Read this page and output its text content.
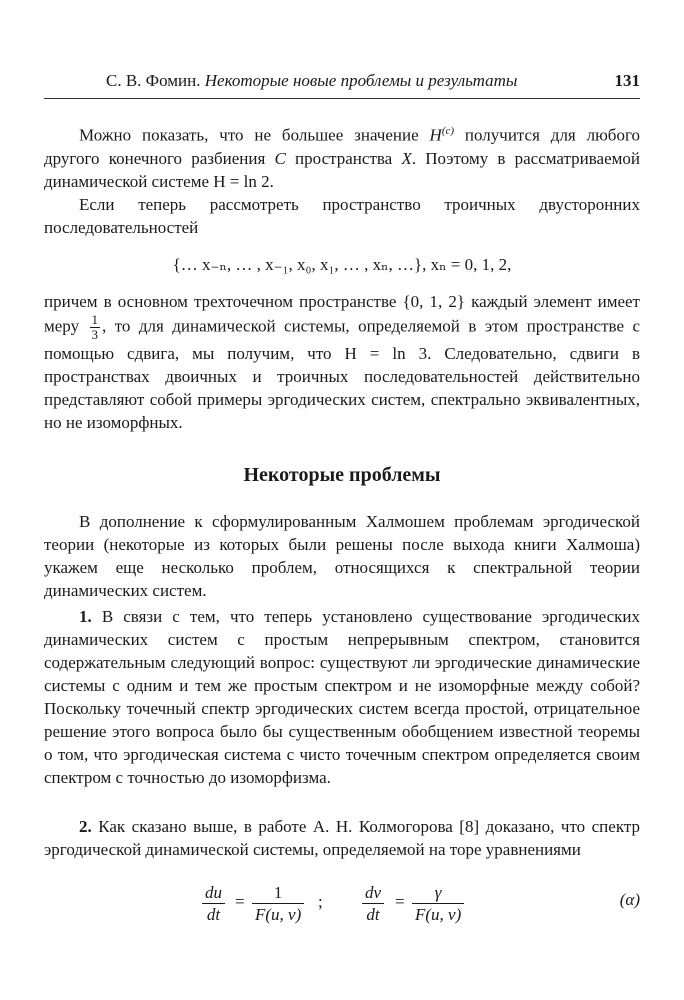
С. В. Фомин. Некоторые новые проблемы и результаты	131

Можно показать, что не большее значение $H^{(c)}$ получится для любого другого конечного разбиения C пространства X. Поэтому в рассматриваемой динамической системе H = ln 2.

Если теперь рассмотреть пространство троичных двусторонних последовательностей

{… x₋ₙ, … , x₋₁, x₀, x₁, … , xₙ, …}, xₙ = 0, 1, 2,

причем в основном трехточечном пространстве {0, 1, 2} каждый элемент имеет меру $\frac{1}{3}$ , то для динамической системы, определяемой в этом пространстве с помощью сдвига, мы получим, что H = ln 3. Следовательно, сдвиги в пространствах двоичных и троичных последовательностей действительно представляют собой примеры эргодических систем, спектрально эквивалентных, но не изоморфных.

Некоторые проблемы

В дополнение к сформулированным Халмошем проблемам эргодической теории (некоторые из которых были решены после выхода книги Халмоша) укажем еще несколько проблем, относящихся к спектральной теории динамических систем.

1. В связи с тем, что теперь установлено существование эргодических динамических систем с простым непрерывным спектром, становится содержательным следующий вопрос: существуют ли эргодические динамические системы с одним и тем же простым спектром и не изоморфные между собой? Поскольку точечный спектр эргодических систем всегда простой, отрицательное решение этого вопроса было бы существенным обобщением известной теоремы о том, что эргодическая система с чисто точечным спектром определяется своим спектром с точностью до изоморфизма.

2. Как сказано выше, в работе А. Н. Колмогорова [8] доказано, что спектр эргодической динамической системы, определяемой на торе уравнениями

$\frac{du}{dt} = \frac{1}{F(u, v)}$ ; $\frac{dv}{dt} = \frac{\gamma}{F(u, v)}$	(α)
